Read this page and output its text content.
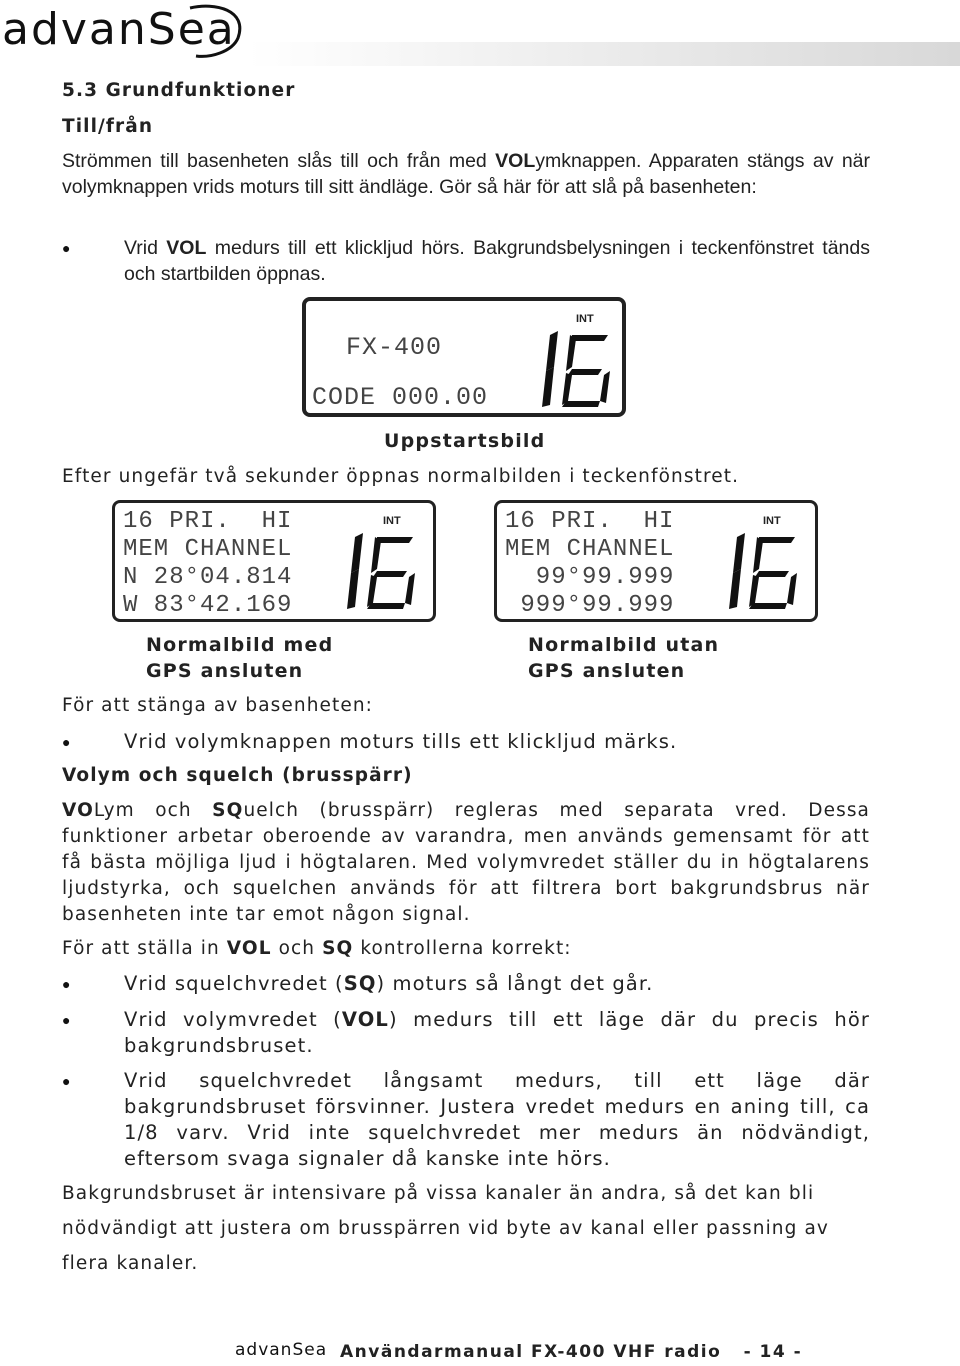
advanSea
5.3 Grundfunktioner
Till/från
Strömmen till basenheten slås till och från med VOLymknappen. Apparaten stängs av när volymknappen vrids moturs till sitt ändläge. Gör så här för att slå på basenheten:
●	Vrid VOL medurs till ett klickljud hörs. Bakgrundsbelysningen i teckenfönstret tänds och startbilden öppnas.
FX-400
CODE 000.00
INT
Uppstartsbild
Efter ungefär två sekunder öppnas normalbilden i teckenfönstret.
16 PRI.  HI
MEM CHANNEL
N 28°04.814
W 83°42.169
INT
Normalbild med
GPS ansluten
16 PRI.  HI
MEM CHANNEL
99°99.999
999°99.999
INT
Normalbild utan
GPS ansluten
För att stänga av basenheten:
●	Vrid volymknappen moturs tills ett klickljud märks.
Volym och squelch (brusspärr)
VOLym och SQuelch (brusspärr) regleras med separata vred. Dessa funktioner arbetar oberoende av varandra, men används gemensamt för att få bästa möjliga ljud i högtalaren. Med volymvredet ställer du in högtalarens ljudstyrka, och squelchen används för att filtrera bort bakgrundsbrus när basenheten inte tar emot någon signal.
För att ställa in VOL och SQ kontrollerna korrekt:
●	Vrid squelchvredet (SQ) moturs så långt det går.
●	Vrid volymvredet (VOL) medurs till ett läge där du precis hör bakgrundsbruset.
●	Vrid squelchvredet långsamt medurs, till ett läge där bakgrundsbruset försvinner. Justera vredet medurs en aning till, ca 1/8 varv. Vrid inte squelchvredet mer medurs än nödvändigt, eftersom svaga signaler då kanske inte hörs.
Bakgrundsbruset är intensivare på vissa kanaler än andra, så det kan bli
nödvändigt att justera om brusspärren vid byte av kanal eller passning av
flera kanaler.
advanSea Användarmanual FX-400 VHF radio - 14 -
